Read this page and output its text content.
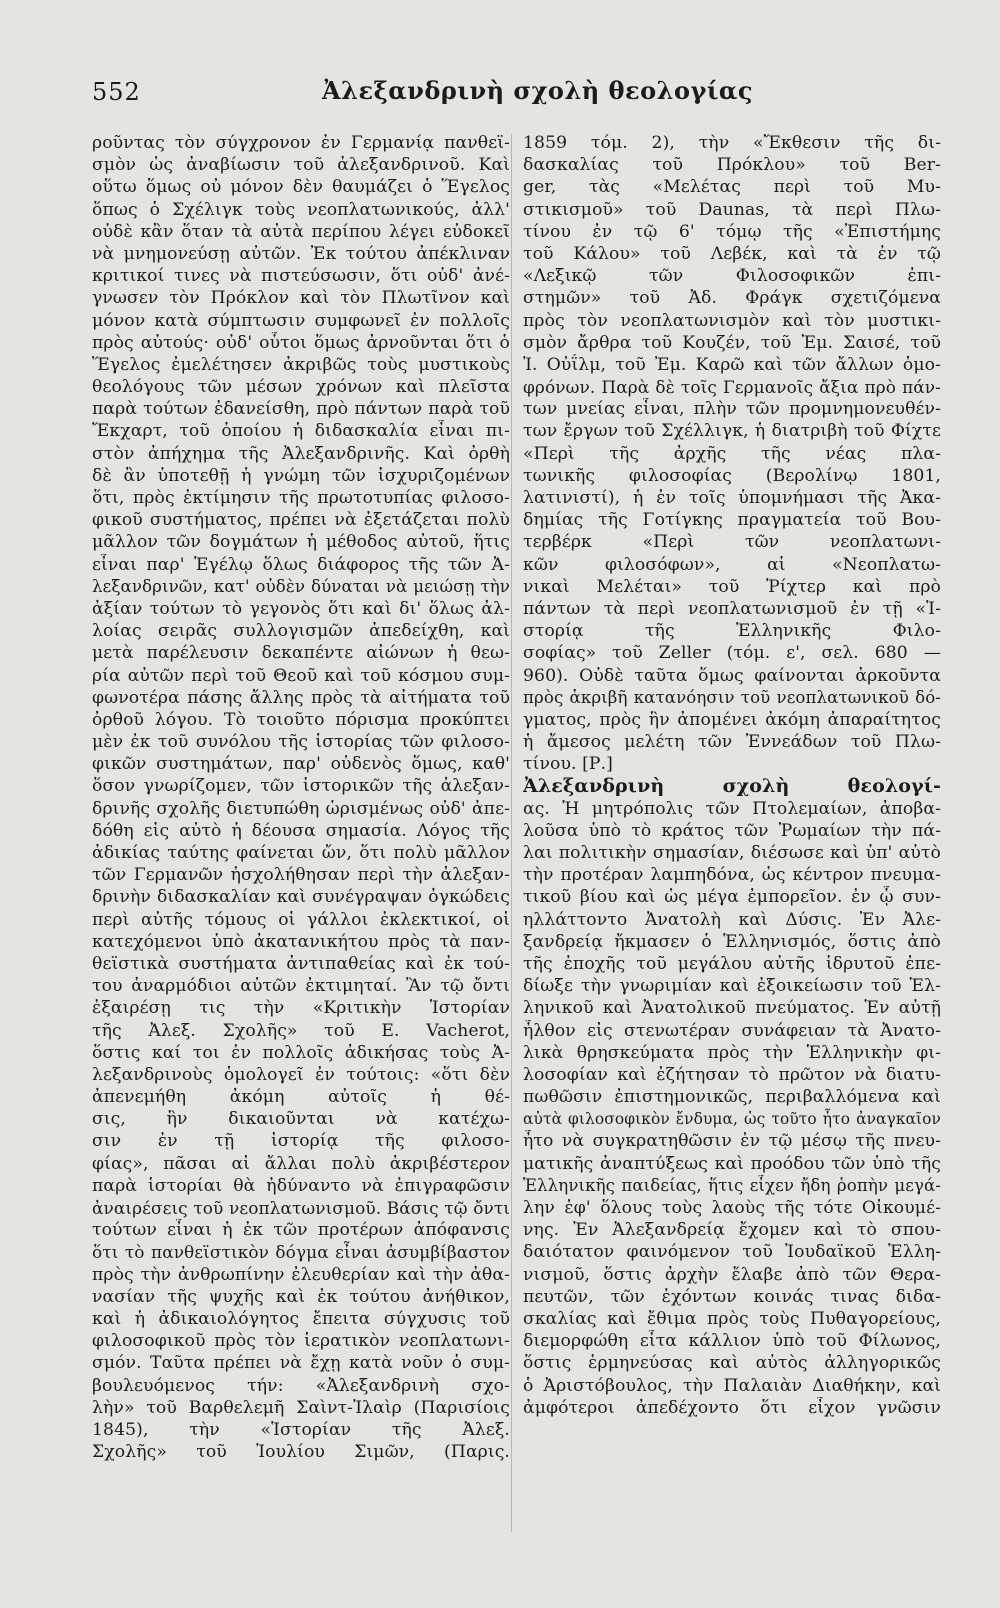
552	Ἀλεξανδρινὴ σχολὴ θεολογίας
ροῦντας τὸν σύγχρονον ἐν Γερμανίᾳ πανθεϊ-
σμὸν ὡς ἀναβίωσιν τοῦ ἀλεξανδρινοῦ. Καὶ
οὕτω ὅμως οὐ μόνον δὲν θαυμάζει ὁ Ἕγελος
ὅπως ὁ Σχέλιγκ τοὺς νεοπλατωνικούς, ἀλλ'
οὐδὲ κἂν ὅταν τὰ αὐτὰ περίπου λέγει εὐδοκεῖ
νὰ μνημονεύσῃ αὐτῶν. Ἐκ τούτου ἀπέκλιναν
κριτικοί τινες νὰ πιστεύσωσιν, ὅτι οὐδ' ἀνέ-
γνωσεν τὸν Πρόκλον καὶ τὸν Πλωτῖνον καὶ
μόνον κατὰ σύμπτωσιν συμφωνεῖ ἐν πολλοῖς
πρὸς αὐτούς· οὐδ' οὗτοι ὅμως ἀρνοῦνται ὅτι ὁ
Ἕγελος ἐμελέτησεν ἀκριβῶς τοὺς μυστικοὺς
θεολόγους τῶν μέσων χρόνων καὶ πλεῖστα
παρὰ τούτων ἐδανείσθη, πρὸ πάντων παρὰ τοῦ
Ἔκχαρτ, τοῦ ὁποίου ἡ διδασκαλία εἶναι πι-
στὸν ἀπήχημα τῆς Ἀλεξανδρινῆς. Καὶ ὀρθὴ
δὲ ἂν ὑποτεθῇ ἡ γνώμη τῶν ἰσχυριζομένων
ὅτι, πρὸς ἐκτίμησιν τῆς πρωτοτυπίας φιλοσο-
φικοῦ συστήματος, πρέπει νὰ ἐξετάζεται πολὺ
μᾶλλον τῶν δογμάτων ἡ μέθοδος αὐτοῦ, ἥτις
εἶναι παρ' Ἑγέλῳ ὅλως διάφορος τῆς τῶν Ἀ-
λεξανδρινῶν, κατ' οὐδὲν δύναται νὰ μειώσῃ τὴν
ἀξίαν τούτων τὸ γεγονὸς ὅτι καὶ δι' ὅλως ἀλ-
λοίας σειρᾶς συλλογισμῶν ἀπεδείχθη, καὶ
μετὰ παρέλευσιν δεκαπέντε αἰώνων ἡ θεω-
ρία αὐτῶν περὶ τοῦ Θεοῦ καὶ τοῦ κόσμου συμ-
φωνοτέρα πάσης ἄλλης πρὸς τὰ αἰτήματα τοῦ
ὀρθοῦ λόγου. Τὸ τοιοῦτο πόρισμα προκύπτει
μὲν ἐκ τοῦ συνόλου τῆς ἱστορίας τῶν φιλοσο-
φικῶν συστημάτων, παρ' οὐδενὸς ὅμως, καθ'
ὅσον γνωρίζομεν, τῶν ἱστορικῶν τῆς ἀλεξαν-
δρινῆς σχολῆς διετυπώθη ὡρισμένως οὐδ' ἀπε-
δόθη εἰς αὐτὸ ἡ δέουσα σημασία. Λόγος τῆς
ἀδικίας ταύτης φαίνεται ὤν, ὅτι πολὺ μᾶλλον
τῶν Γερμανῶν ἠσχολήθησαν περὶ τὴν ἀλεξαν-
δρινὴν διδασκαλίαν καὶ συνέγραψαν ὀγκώδεις
περὶ αὐτῆς τόμους οἱ γάλλοι ἐκλεκτικοί, οἱ
κατεχόμενοι ὑπὸ ἀκατανικήτου πρὸς τὰ παν-
θεϊστικὰ συστήματα ἀντιπαθείας καὶ ἐκ τού-
του ἀναρμόδιοι αὐτῶν ἐκτιμηταί. Ἂν τῷ ὄντι
ἐξαιρέσῃ τις τὴν «Κριτικὴν Ἱστορίαν
τῆς Ἀλεξ. Σχολῆς» τοῦ E. Vacherot,
ὅστις καί τοι ἐν πολλοῖς ἀδικήσας τοὺς Ἀ-
λεξανδρινοὺς ὁμολογεῖ ἐν τούτοις: «ὅτι δὲν
ἀπενεμήθη ἀκόμη αὐτοῖς ἡ θέ-
σις, ἣν δικαιοῦνται νὰ κατέχω-
σιν ἐν τῇ ἱστορίᾳ τῆς φιλοσο-
φίας», πᾶσαι αἱ ἄλλαι πολὺ ἀκριβέστερον
παρὰ ἱστορίαι θὰ ἠδύναντο νὰ ἐπιγραφῶσιν
ἀναιρέσεις τοῦ νεοπλατωνισμοῦ. Βάσις τῷ ὄντι
τούτων εἶναι ἡ ἐκ τῶν προτέρων ἀπόφανσις
ὅτι τὸ πανθεϊστικὸν δόγμα εἶναι ἀσυμβίβαστον
πρὸς τὴν ἀνθρωπίνην ἐλευθερίαν καὶ τὴν ἀθα-
νασίαν τῆς ψυχῆς καὶ ἐκ τούτου ἀνήθικον,
καὶ ἡ ἀδικαιολόγητος ἔπειτα σύγχυσις τοῦ
φιλοσοφικοῦ πρὸς τὸν ἱερατικὸν νεοπλατωνι-
σμόν. Ταῦτα πρέπει νὰ ἔχῃ κατὰ νοῦν ὁ συμ-
βουλευόμενος τήν: «Ἀλεξανδρινὴ σχο-
λὴν» τοῦ Βαρθελεμῆ Σαὶντ-Ἰλαὶρ (Παρισίοις
1845), τὴν «Ἱστορίαν τῆς Ἀλεξ.
Σχολῆς» τοῦ Ἰουλίου Σιμῶν, (Παρις.
1859 τόμ. 2), τὴν «Ἔκθεσιν τῆς δι-
δασκαλίας τοῦ Πρόκλου» τοῦ Ber-
ger, τὰς «Μελέτας περὶ τοῦ Μυ-
στικισμοῦ» τοῦ Daunas, τὰ περὶ Πλω-
τίνου ἐν τῷ 6' τόμῳ τῆς «Ἐπιστήμης
τοῦ Κάλου» τοῦ Λεβέκ, καὶ τὰ ἐν τῷ
«Λεξικῷ τῶν Φιλοσοφικῶν ἐπι-
στημῶν» τοῦ Ἀδ. Φράγκ σχετιζόμενα
πρὸς τὸν νεοπλατωνισμὸν καὶ τὸν μυστικι-
σμὸν ἄρθρα τοῦ Κουζέν, τοῦ Ἐμ. Σαισέ, τοῦ
Ἰ. Οὐΐλμ, τοῦ Ἐμ. Καρῶ καὶ τῶν ἄλλων ὁμο-
φρόνων. Παρὰ δὲ τοῖς Γερμανοῖς ἄξια πρὸ πάν-
των μνείας εἶναι, πλὴν τῶν προμνημονευθέν-
των ἔργων τοῦ Σχέλλιγκ, ἡ διατριβὴ τοῦ Φίχτε
«Περὶ τῆς ἀρχῆς τῆς νέας πλα-
τωνικῆς φιλοσοφίας (Βερολίνῳ 1801,
λατινιστί), ἡ ἐν τοῖς ὑπομνήμασι τῆς Ἀκα-
δημίας τῆς Γοτίγκης πραγματεία τοῦ Βου-
τερβέρκ «Περὶ τῶν νεοπλατωνι-
κῶν φιλοσόφων», αἱ «Νεοπλατω-
νικαὶ Μελέται» τοῦ Ῥίχτερ καὶ πρὸ
πάντων τὰ περὶ νεοπλατωνισμοῦ ἐν τῇ «Ἱ-
στορίᾳ τῆς Ἑλληνικῆς Φιλο-
σοφίας» τοῦ Zeller (τόμ. ε', σελ. 680 —
960). Οὐδὲ ταῦτα ὅμως φαίνονται ἀρκοῦντα
πρὸς ἀκριβῆ κατανόησιν τοῦ νεοπλατωνικοῦ δό-
γματος, πρὸς ἣν ἀπομένει ἀκόμη ἀπαραίτητος
ἡ ἄμεσος μελέτη τῶν Ἐννεάδων τοῦ Πλω-
τίνου. [Ρ.]
Ἀλεξανδρινὴ σχολὴ θεολογί-
ας. Ἡ μητρόπολις τῶν Πτολεμαίων, ἀποβα-
λοῦσα ὑπὸ τὸ κράτος τῶν Ῥωμαίων τὴν πά-
λαι πολιτικὴν σημασίαν, διέσωσε καὶ ὑπ' αὐτὸ
τὴν προτέραν λαμπηδόνα, ὡς κέντρον πνευμα-
τικοῦ βίου καὶ ὡς μέγα ἐμπορεῖον. ἐν ᾧ συν-
ηλλάττοντο Ἀνατολὴ καὶ Δύσις. Ἐν Ἀλε-
ξανδρείᾳ ἤκμασεν ὁ Ἑλληνισμός, ὅστις ἀπὸ
τῆς ἐποχῆς τοῦ μεγάλου αὐτῆς ἱδρυτοῦ ἐπε-
δίωξε τὴν γνωριμίαν καὶ ἐξοικείωσιν τοῦ Ἑλ-
ληνικοῦ καὶ Ἀνατολικοῦ πνεύματος. Ἐν αὐτῇ
ἦλθον εἰς στενωτέραν συνάφειαν τὰ Ἀνατο-
λικὰ θρησκεύματα πρὸς τὴν Ἑλληνικὴν φι-
λοσοφίαν καὶ ἐζήτησαν τὸ πρῶτον νὰ διατυ-
πωθῶσιν ἐπιστημονικῶς, περιβαλλόμενα καὶ
αὐτὰ φιλοσοφικὸν ἔνδυμα, ὡς τοῦτο ἦτο ἀναγκαῖον
ἦτο νὰ συγκρατηθῶσιν ἐν τῷ μέσῳ τῆς πνευ-
ματικῆς ἀναπτύξεως καὶ προόδου τῶν ὑπὸ τῆς
Ἑλληνικῆς παιδείας, ἥτις εἶχεν ἤδη ῥοπὴν μεγά-
λην ἐφ' ὅλους τοὺς λαοὺς τῆς τότε Οἰκουμέ-
νης. Ἐν Ἀλεξανδρείᾳ ἔχομεν καὶ τὸ σπου-
δαιότατον φαινόμενον τοῦ Ἰουδαϊκοῦ Ἑλλη-
νισμοῦ, ὅστις ἀρχὴν ἔλαβε ἀπὸ τῶν Θερα-
πευτῶν, τῶν ἐχόντων κοινάς τινας διδα-
σκαλίας καὶ ἔθιμα πρὸς τοὺς Πυθαγορείους,
διεμορφώθη εἶτα κάλλιον ὑπὸ τοῦ Φίλωνος,
ὅστις ἑρμηνεύσας καὶ αὐτὸς ἀλληγορικῶς
ὁ Ἀριστόβουλος, τὴν Παλαιὰν Διαθήκην, καὶ
ἀμφότεροι ἀπεδέχοντο ὅτι εἶχον γνῶσιν
